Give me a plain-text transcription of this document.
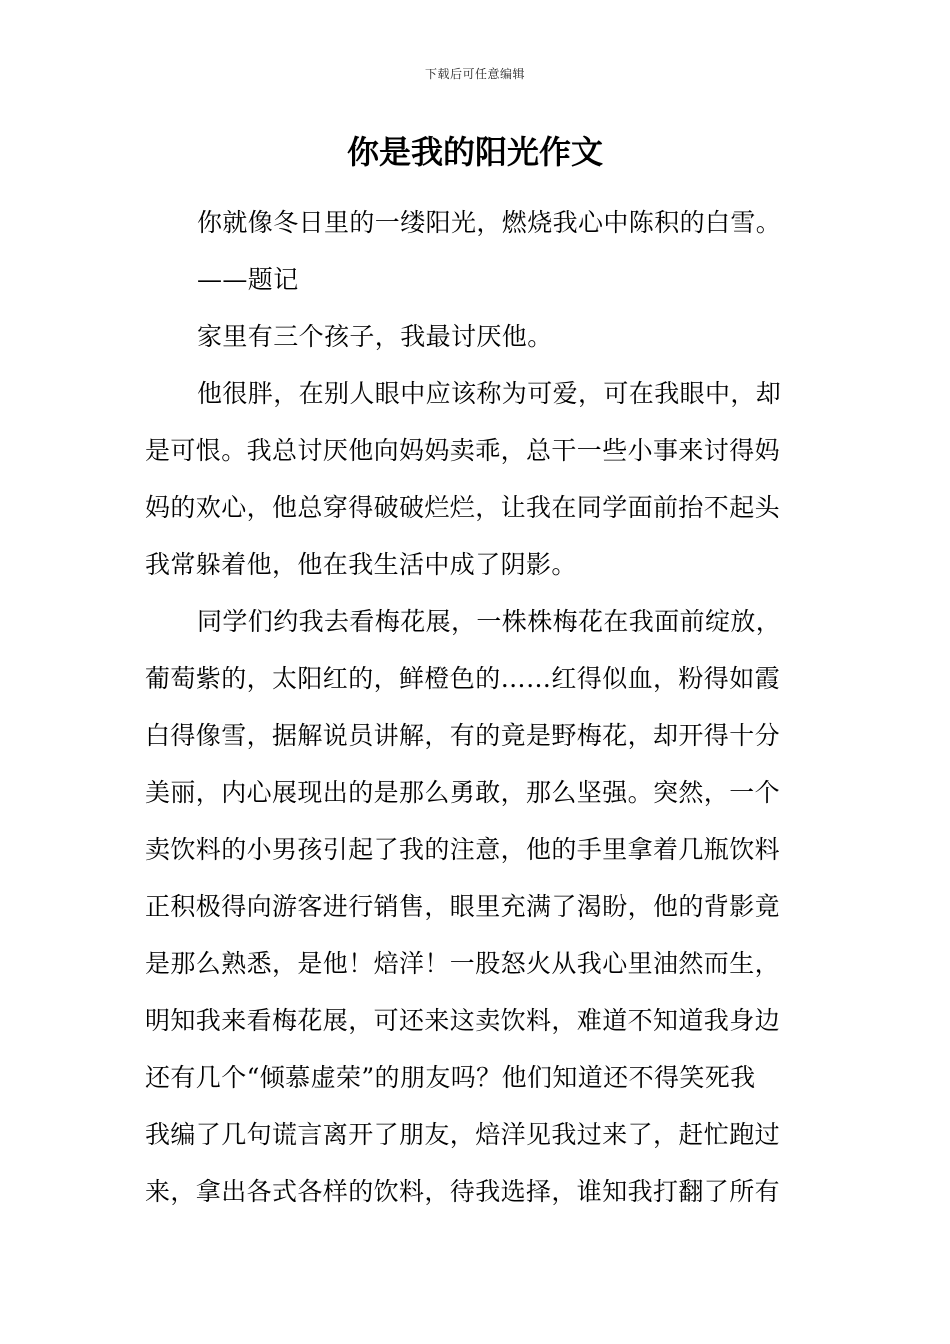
下载后可任意编辑
你是我的阳光作文
你就像冬日里的一缕阳光，燃烧我心中陈积的白雪。
——题记
家里有三个孩子，我最讨厌他。
他很胖，在别人眼中应该称为可爱，可在我眼中，却
是可恨。我总讨厌他向妈妈卖乖，总干一些小事来讨得妈
妈的欢心，他总穿得破破烂烂，让我在同学面前抬不起头
我常躲着他，他在我生活中成了阴影。
同学们约我去看梅花展，一株株梅花在我面前绽放，
葡萄紫的，太阳红的，鲜橙色的……红得似血，粉得如霞
白得像雪，据解说员讲解，有的竟是野梅花，却开得十分
美丽，内心展现出的是那么勇敢，那么坚强。突然，一个
卖饮料的小男孩引起了我的注意，他的手里拿着几瓶饮料
正积极得向游客进行销售，眼里充满了渴盼，他的背影竟
是那么熟悉，是他！焙洋！一股怒火从我心里油然而生，
明知我来看梅花展，可还来这卖饮料，难道不知道我身边
还有几个“倾慕虚荣”的朋友吗？他们知道还不得笑死我
我编了几句谎言离开了朋友，焙洋见我过来了，赶忙跑过
来，拿出各式各样的饮料，待我选择，谁知我打翻了所有
